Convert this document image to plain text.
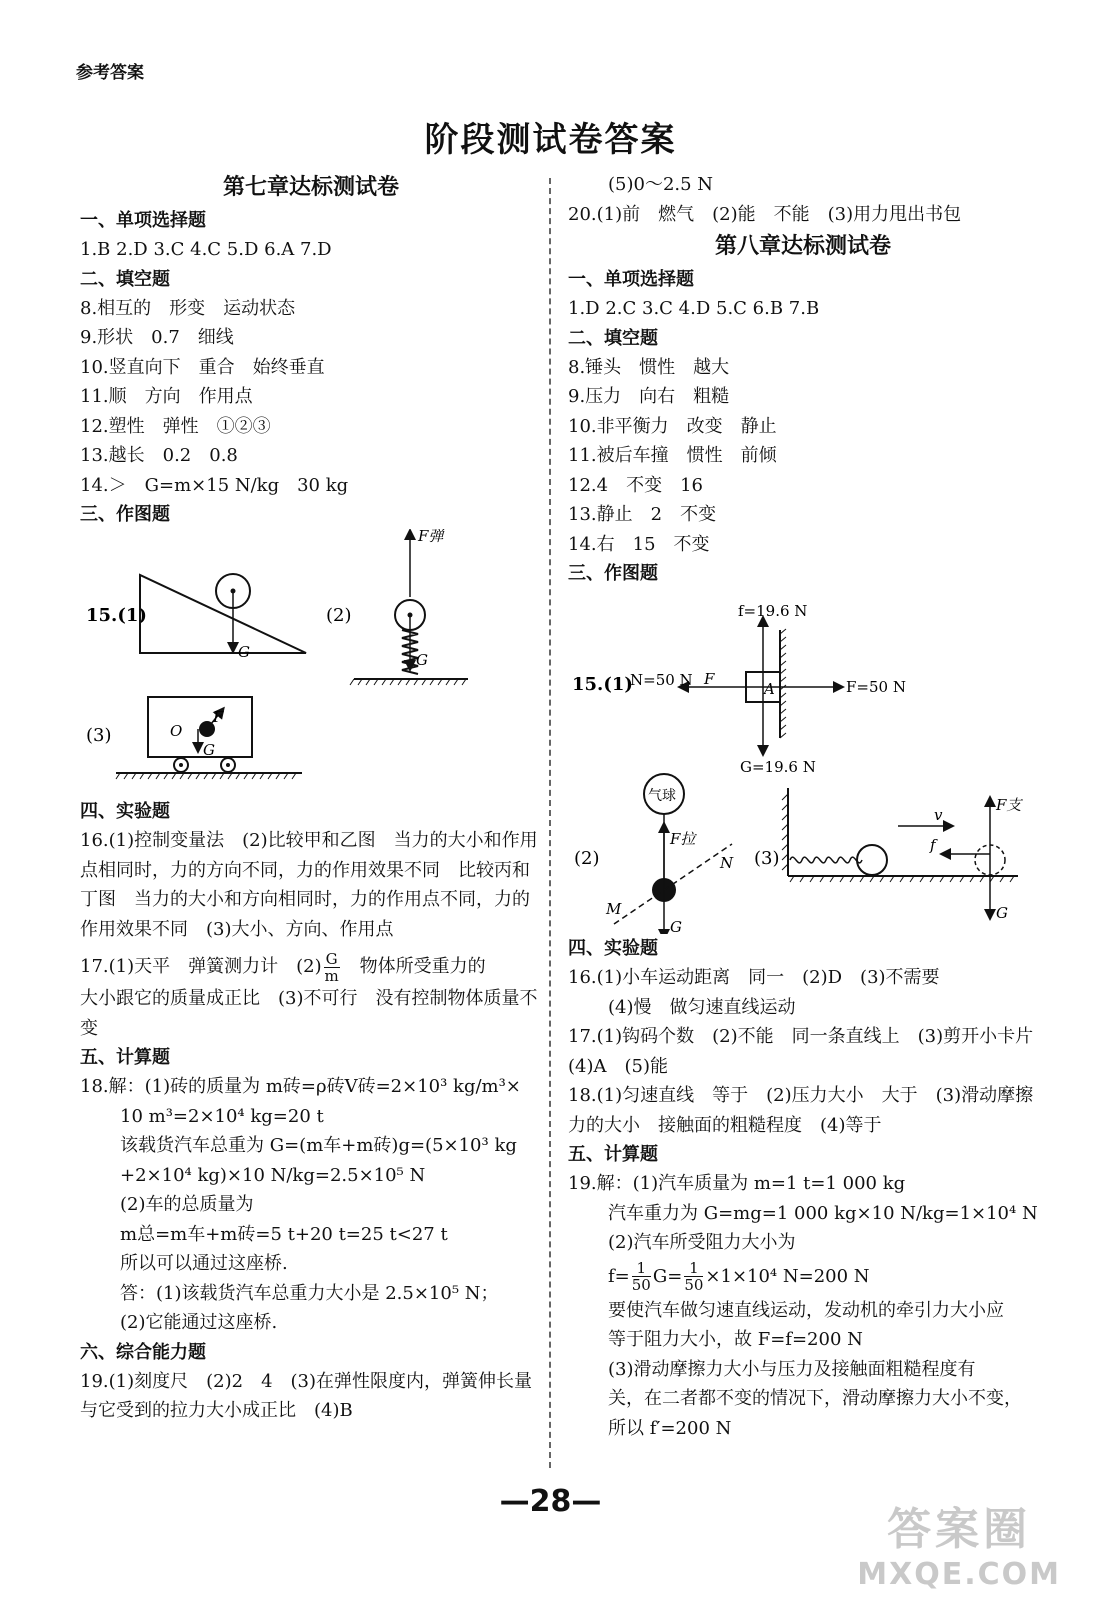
参考答案
阶段测试卷答案
第七章达标测试卷
一、单项选择题
1.B 2.D 3.C 4.C 5.D 6.A 7.D
二、填空题
8.相互的　形变　运动状态
9.形状　0.7　细线
10.竖直向下　重合　始终垂直
11.顺　方向　作用点
12.塑性　弹性　①②③
13.越长　0.2　0.8
14.＞　G=m×15 N/kg　30 kg
三、作图题
15.(1)
G
(2)
F弹
G
(3)	O
F
G
四、实验题
16.(1)控制变量法　(2)比较甲和乙图　当力的大小和作用点相同时，力的方向不同，力的作用效果不同　比较丙和丁图　当力的大小和方向相同时，力的作用点不同，力的作用效果不同　(3)大小、方向、作用点
17.(1)天平　弹簧测力计　$(2) \frac{G}{m}$ 　物体所受重力的
大小跟它的质量成正比　(3)不可行　没有控制物体质量不变
五、计算题
18.解：(1)砖的质量为 m砖=ρ砖V砖=2×10³ kg/m³×
10 m³=2×10⁴ kg=20 t
该载货汽车总重为 G=(m车+m砖)g=(5×10³ kg
+2×10⁴ kg)×10 N/kg=2.5×10⁵ N
(2)车的总质量为
m总=m车+m砖=5 t+20 t=25 t<27 t
所以可以通过这座桥.
答：(1)该载货汽车总重力大小是 2.5×10⁵ N；
(2)它能通过这座桥.
六、综合能力题
19.(1)刻度尺　(2)2　4　(3)在弹性限度内，弹簧伸长量与它受到的拉力大小成正比　(4)B
(5)0～2.5 N
20.(1)前　燃气　(2)能　不能　(3)用力甩出书包
第八章达标测试卷
一、单项选择题
1.D 2.C 3.C 4.D 5.C 6.B 7.B
二、填空题
8.锤头　惯性　越大
9.压力　向右　粗糙
10.非平衡力　改变　静止
11.被后车撞　惯性　前倾
12.4　不变　16
13.静止　2　不变
14.右　15　不变
三、作图题
15.(1)	A
f=19.6 N
G=19.6 N
N=50 N F	F=50 N
(2)
气球
F拉
G
M
N (3)
v
f
F支
G
四、实验题
16.(1)小车运动距离　同一　(2)D　(3)不需要
(4)慢　做匀速直线运动
17.(1)钩码个数　(2)不能　同一条直线上　(3)剪开小卡片　(4)A　(5)能
18.(1)匀速直线　等于　(2)压力大小　大于　(3)滑动摩擦力的大小　接触面的粗糙程度　(4)等于
五、计算题
19.解：(1)汽车质量为 m=1 t=1 000 kg
汽车重力为 G=mg=1 000 kg×10 N/kg=1×10⁴ N
(2)汽车所受阻力大小为
$f= \frac{1}{50} G= \frac{1}{50} \times 1\times 10^4$ N=200 N
要使汽车做匀速直线运动，发动机的牵引力大小应
等于阻力大小，故 F=f=200 N
(3)滑动摩擦力大小与压力及接触面粗糙程度有
关，在二者都不变的情况下，滑动摩擦力大小不变，
所以 f′=200 N
—28—
答案圈
MXQE.COM
